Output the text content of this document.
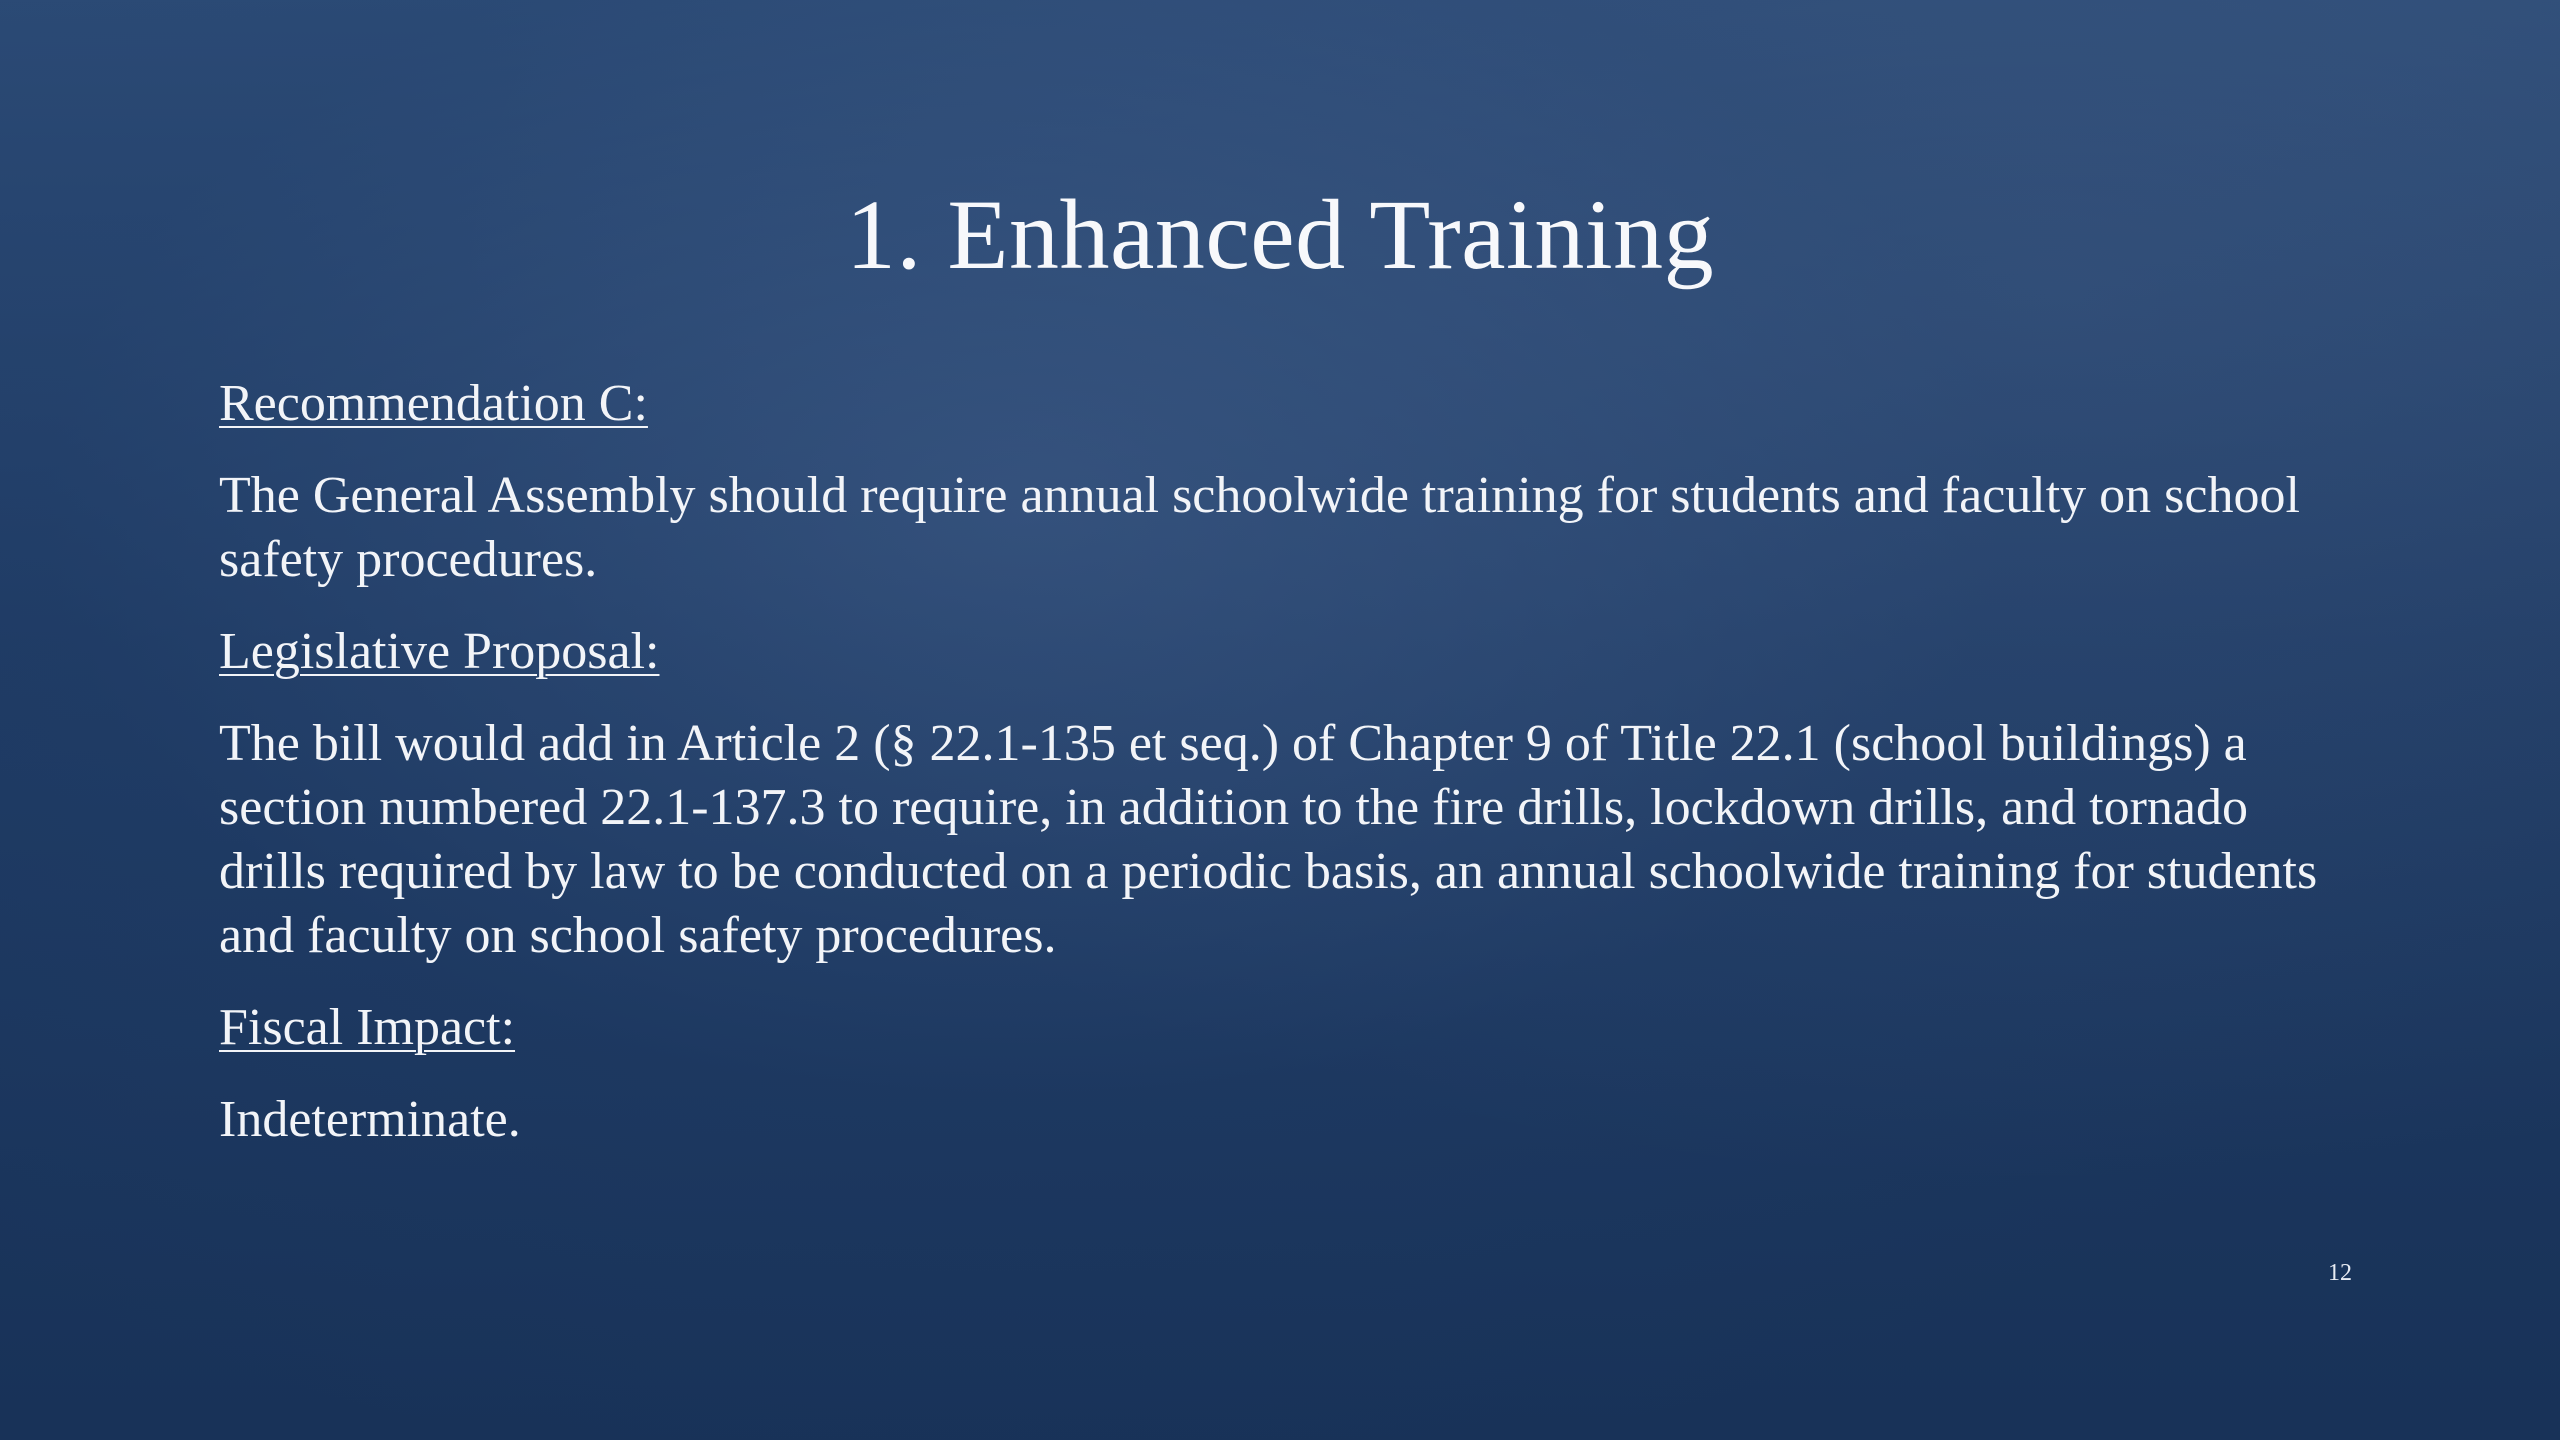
1. Enhanced Training
Recommendation C:
The General Assembly should require annual schoolwide training for students and faculty on school safety procedures.
Legislative Proposal:
The bill would add in Article 2 (§ 22.1-135 et seq.) of Chapter 9 of Title 22.1 (school buildings) a section numbered 22.1-137.3 to require, in addition to the fire drills, lockdown drills, and tornado drills required by law to be conducted on a periodic basis, an annual schoolwide training for students and faculty on school safety procedures.
Fiscal Impact:
Indeterminate.
12
